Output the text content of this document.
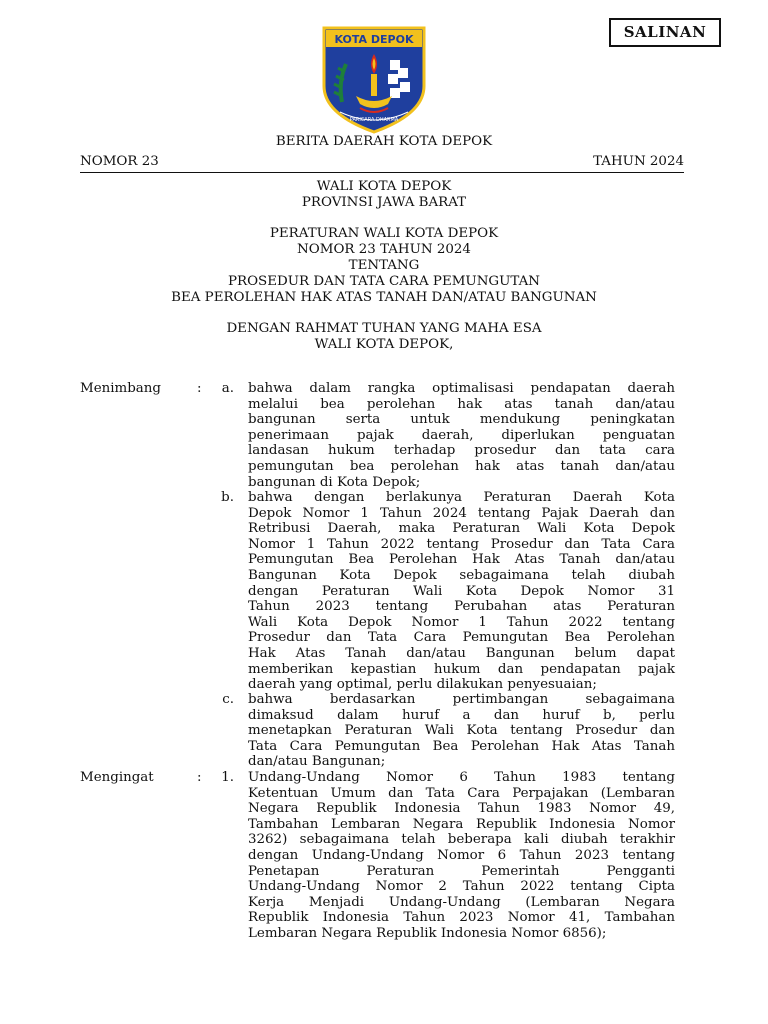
SALINAN
KOTA DEPOK
PARICARA DHARMA
BERITA DAERAH KOTA DEPOK
NOMOR 23	TAHUN 2024
WALI KOTA DEPOK
PROVINSI JAWA BARAT
PERATURAN WALI KOTA DEPOK
NOMOR 23 TAHUN 2024
TENTANG
PROSEDUR DAN TATA CARA PEMUNGUTAN
BEA PEROLEHAN HAK ATAS TANAH DAN/ATAU BANGUNAN
DENGAN RAHMAT TUHAN YANG MAHA ESA
WALI KOTA DEPOK,
Menimbang	:	a. bahwa dalam rangka optimalisasi pendapatan daerah
melalui bea perolehan hak atas tanah dan/atau
bangunan serta untuk mendukung peningkatan
penerimaan pajak daerah, diperlukan penguatan
landasan hukum terhadap prosedur dan tata cara
pemungutan bea perolehan hak atas tanah dan/atau
bangunan di Kota Depok;
b. bahwa dengan berlakunya Peraturan Daerah Kota
Depok Nomor 1 Tahun 2024 tentang Pajak Daerah dan
Retribusi Daerah, maka Peraturan Wali Kota Depok
Nomor 1 Tahun 2022 tentang Prosedur dan Tata Cara
Pemungutan Bea Perolehan Hak Atas Tanah dan/atau
Bangunan Kota Depok sebagaimana telah diubah
dengan Peraturan Wali Kota Depok Nomor 31
Tahun 2023 tentang Perubahan atas Peraturan
Wali Kota Depok Nomor 1 Tahun 2022 tentang
Prosedur dan Tata Cara Pemungutan Bea Perolehan
Hak Atas Tanah dan/atau Bangunan belum dapat
memberikan kepastian hukum dan pendapatan pajak
daerah yang optimal, perlu dilakukan penyesuaian;
c. bahwa berdasarkan pertimbangan sebagaimana
dimaksud dalam huruf a dan huruf b, perlu
menetapkan Peraturan Wali Kota tentang Prosedur dan
Tata Cara Pemungutan Bea Perolehan Hak Atas Tanah
dan/atau Bangunan;
Mengingat	:	1. Undang-Undang Nomor 6 Tahun 1983 tentang
Ketentuan Umum dan Tata Cara Perpajakan (Lembaran
Negara Republik Indonesia Tahun 1983 Nomor 49,
Tambahan Lembaran Negara Republik Indonesia Nomor
3262) sebagaimana telah beberapa kali diubah terakhir
dengan Undang-Undang Nomor 6 Tahun 2023 tentang
Penetapan Peraturan Pemerintah Pengganti
Undang-Undang Nomor 2 Tahun 2022 tentang Cipta
Kerja Menjadi Undang-Undang (Lembaran Negara
Republik Indonesia Tahun 2023 Nomor 41, Tambahan
Lembaran Negara Republik Indonesia Nomor 6856);
